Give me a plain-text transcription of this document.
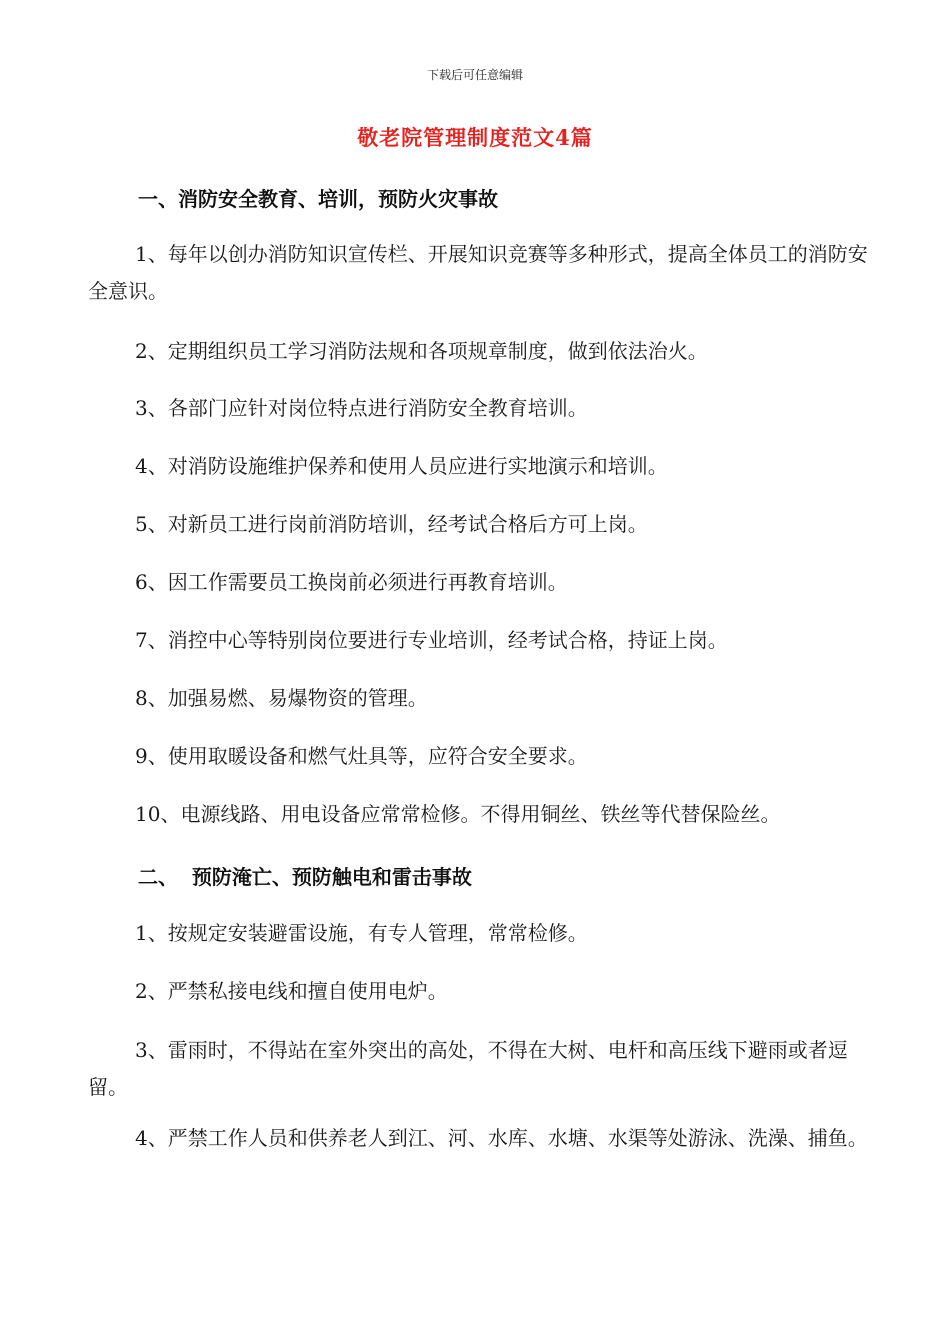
下载后可任意编辑
敬老院管理制度范文4篇
一、消防安全教育、培训，预防火灾事故
1、每年以创办消防知识宣传栏、开展知识竞赛等多种形式，提高全体员工的消防安全意识。
2、定期组织员工学习消防法规和各项规章制度，做到依法治火。
3、各部门应针对岗位特点进行消防安全教育培训。
4、对消防设施维护保养和使用人员应进行实地演示和培训。
5、对新员工进行岗前消防培训，经考试合格后方可上岗。
6、因工作需要员工换岗前必须进行再教育培训。
7、消控中心等特别岗位要进行专业培训，经考试合格，持证上岗。
8、加强易燃、易爆物资的管理。
9、使用取暖设备和燃气灶具等，应符合安全要求。
10、电源线路、用电设备应常常检修。不得用铜丝、铁丝等代替保险丝。
二、  预防淹亡、预防触电和雷击事故
1、按规定安装避雷设施，有专人管理，常常检修。
2、严禁私接电线和擅自使用电炉。
3、雷雨时，不得站在室外突出的高处，不得在大树、电杆和高压线下避雨或者逗留。
4、严禁工作人员和供养老人到江、河、水库、水塘、水渠等处游泳、洗澡、捕鱼。
